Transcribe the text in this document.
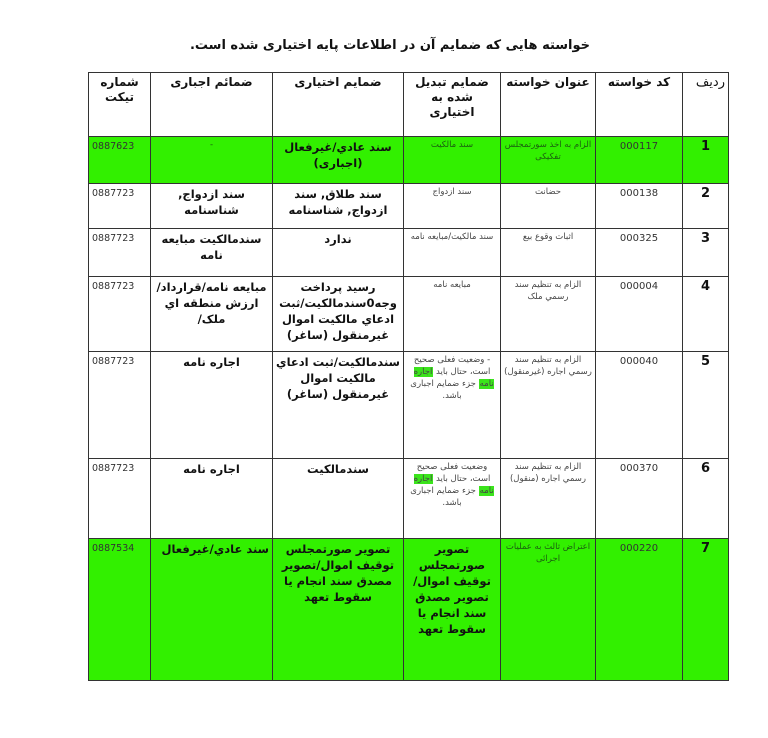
خواسته هایی که ضمایم آن در اطلاعات پایه اختیاری شده است.
ردیف	کد خواسته	عنوان خواسته	ضمایم تبدیل شده به اختیاری	ضمایم اختیاری	ضمائم اجباری	شماره تیکت
1	000117	الزام به اخذ سورتمجلس تفکیکی	سند مالکیت	سند عادي/غيرفعال (اجباری)	-	0887623
2	000138	حضانت	سند ازدواج	سند طلاق, سند ازدواج, شناسنامه	سند ازدواج, شناسنامه	0887723
3	000325	اثبات وقوع بیع	سند مالکیت/مبایعه نامه	ندارد	سندمالکیت مبایعه نامه	0887723
4	000004	الزام به تنظیم سند رسمي ملک	مبایعه نامه	رسید پرداخت وجه0سندمالکیت/ثبت ادعاي مالکیت اموال غیرمنقول (ساغر)	مبایعه نامه/قرارداد/ارزش منطقه اي ملک/	0887723
5	000040	الزام به تنظیم سند رسمي اجاره (غیرمنقول)	- وضعیت فعلی صحیح است، حتال باید اجاره نامه جزء ضمایم اجباری باشد.	سندمالکیت/ثبت ادعاي مالکیت اموال غیرمنقول (ساغر)	اجاره نامه	0887723
6	000370	الزام به تنظیم سند رسمي اجاره (منقول)	وضعیت فعلی صحیح است، حتال باید اجاره نامه جزء ضمایم اجباری باشد.	سندمالکیت	اجاره نامه	0887723
7	000220	اعتراض ثالث به عملیات اجرائی	تصویر صورتمجلس توقیف اموال/تصویر مصدق سند انجام یا سقوط تعهد	تصویر صورتمجلس توقیف اموال/تصویر مصدق سند انجام یا سقوط تعهد	سند عادي/غیرفعال	0887534
